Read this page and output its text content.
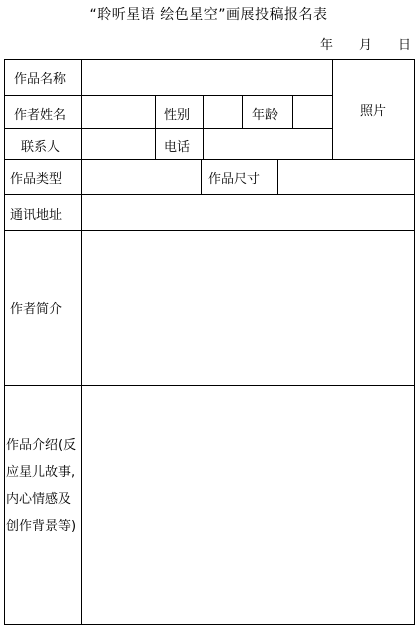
“聆听星语 绘色星空”画展投稿报名表
年 月 日
作品名称
作者姓名	性别	年龄	照片
联系人	电话
作品类型	作品尺寸
通讯地址
作者简介
作品介绍(反应星儿故事,内心情感及创作背景等)
